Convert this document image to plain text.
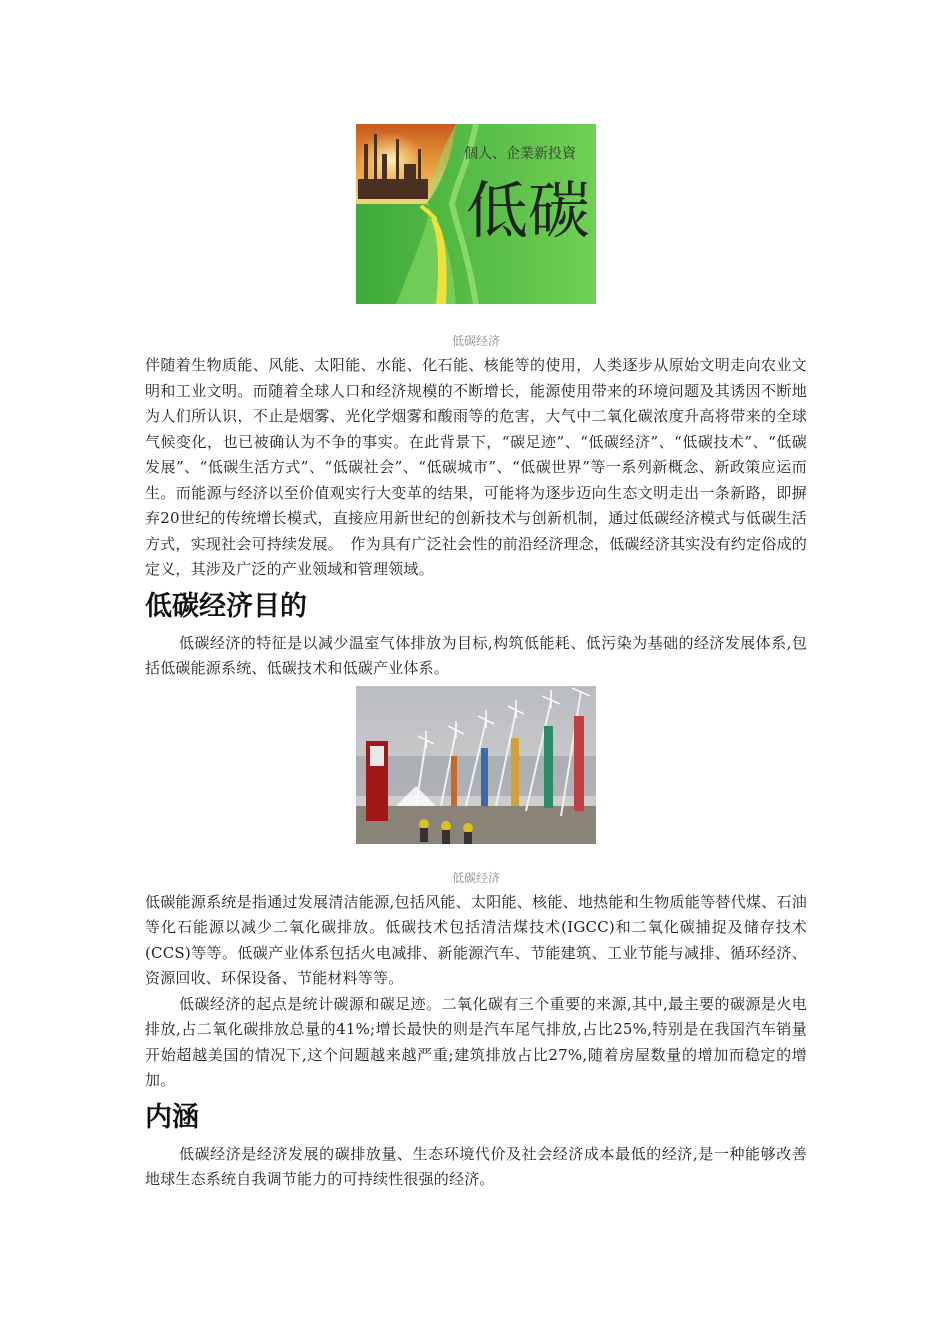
個人、企業新投資
低碳
低碳经济

伴随着生物质能、风能、太阳能、水能、化石能、核能等的使用，人类逐步从原始文明走向农业文明和工业文明。而随着全球人口和经济规模的不断增长，能源使用带来的环境问题及其诱因不断地为人们所认识，不止是烟雾、光化学烟雾和酸雨等的危害，大气中二氧化碳浓度升高将带来的全球气候变化，也已被确认为不争的事实。在此背景下，“碳足迹”、“低碳经济”、“低碳技术”、“低碳发展”、“低碳生活方式”、“低碳社会”、“低碳城市”、“低碳世界”等一系列新概念、新政策应运而生。而能源与经济以至价值观实行大变革的结果，可能将为逐步迈向生态文明走出一条新路，即摒弃20世纪的传统增长模式，直接应用新世纪的创新技术与创新机制，通过低碳经济模式与低碳生活方式，实现社会可持续发展。　作为具有广泛社会性的前沿经济理念，低碳经济其实没有约定俗成的定义，其涉及广泛的产业领域和管理领域。

低碳经济目的

低碳经济的特征是以减少温室气体排放为目标,构筑低能耗、低污染为基础的经济发展体系,包括低碳能源系统、低碳技术和低碳产业体系。

低碳经济

低碳能源系统是指通过发展清洁能源,包括风能、太阳能、核能、地热能和生物质能等替代煤、石油等化石能源以减少二氧化碳排放。低碳技术包括清洁煤技术(IGCC)和二氧化碳捕捉及储存技术(CCS)等等。低碳产业体系包括火电减排、新能源汽车、节能建筑、工业节能与减排、循环经济、资源回收、环保设备、节能材料等等。

低碳经济的起点是统计碳源和碳足迹。二氧化碳有三个重要的来源,其中,最主要的碳源是火电排放,占二氧化碳排放总量的41%;增长最快的则是汽车尾气排放,占比25%,特别是在我国汽车销量开始超越美国的情况下,这个问题越来越严重;建筑排放占比27%,随着房屋数量的增加而稳定的增加。

内涵

低碳经济是经济发展的碳排放量、生态环境代价及社会经济成本最低的经济,是一种能够改善地球生态系统自我调节能力的可持续性很强的经济。
